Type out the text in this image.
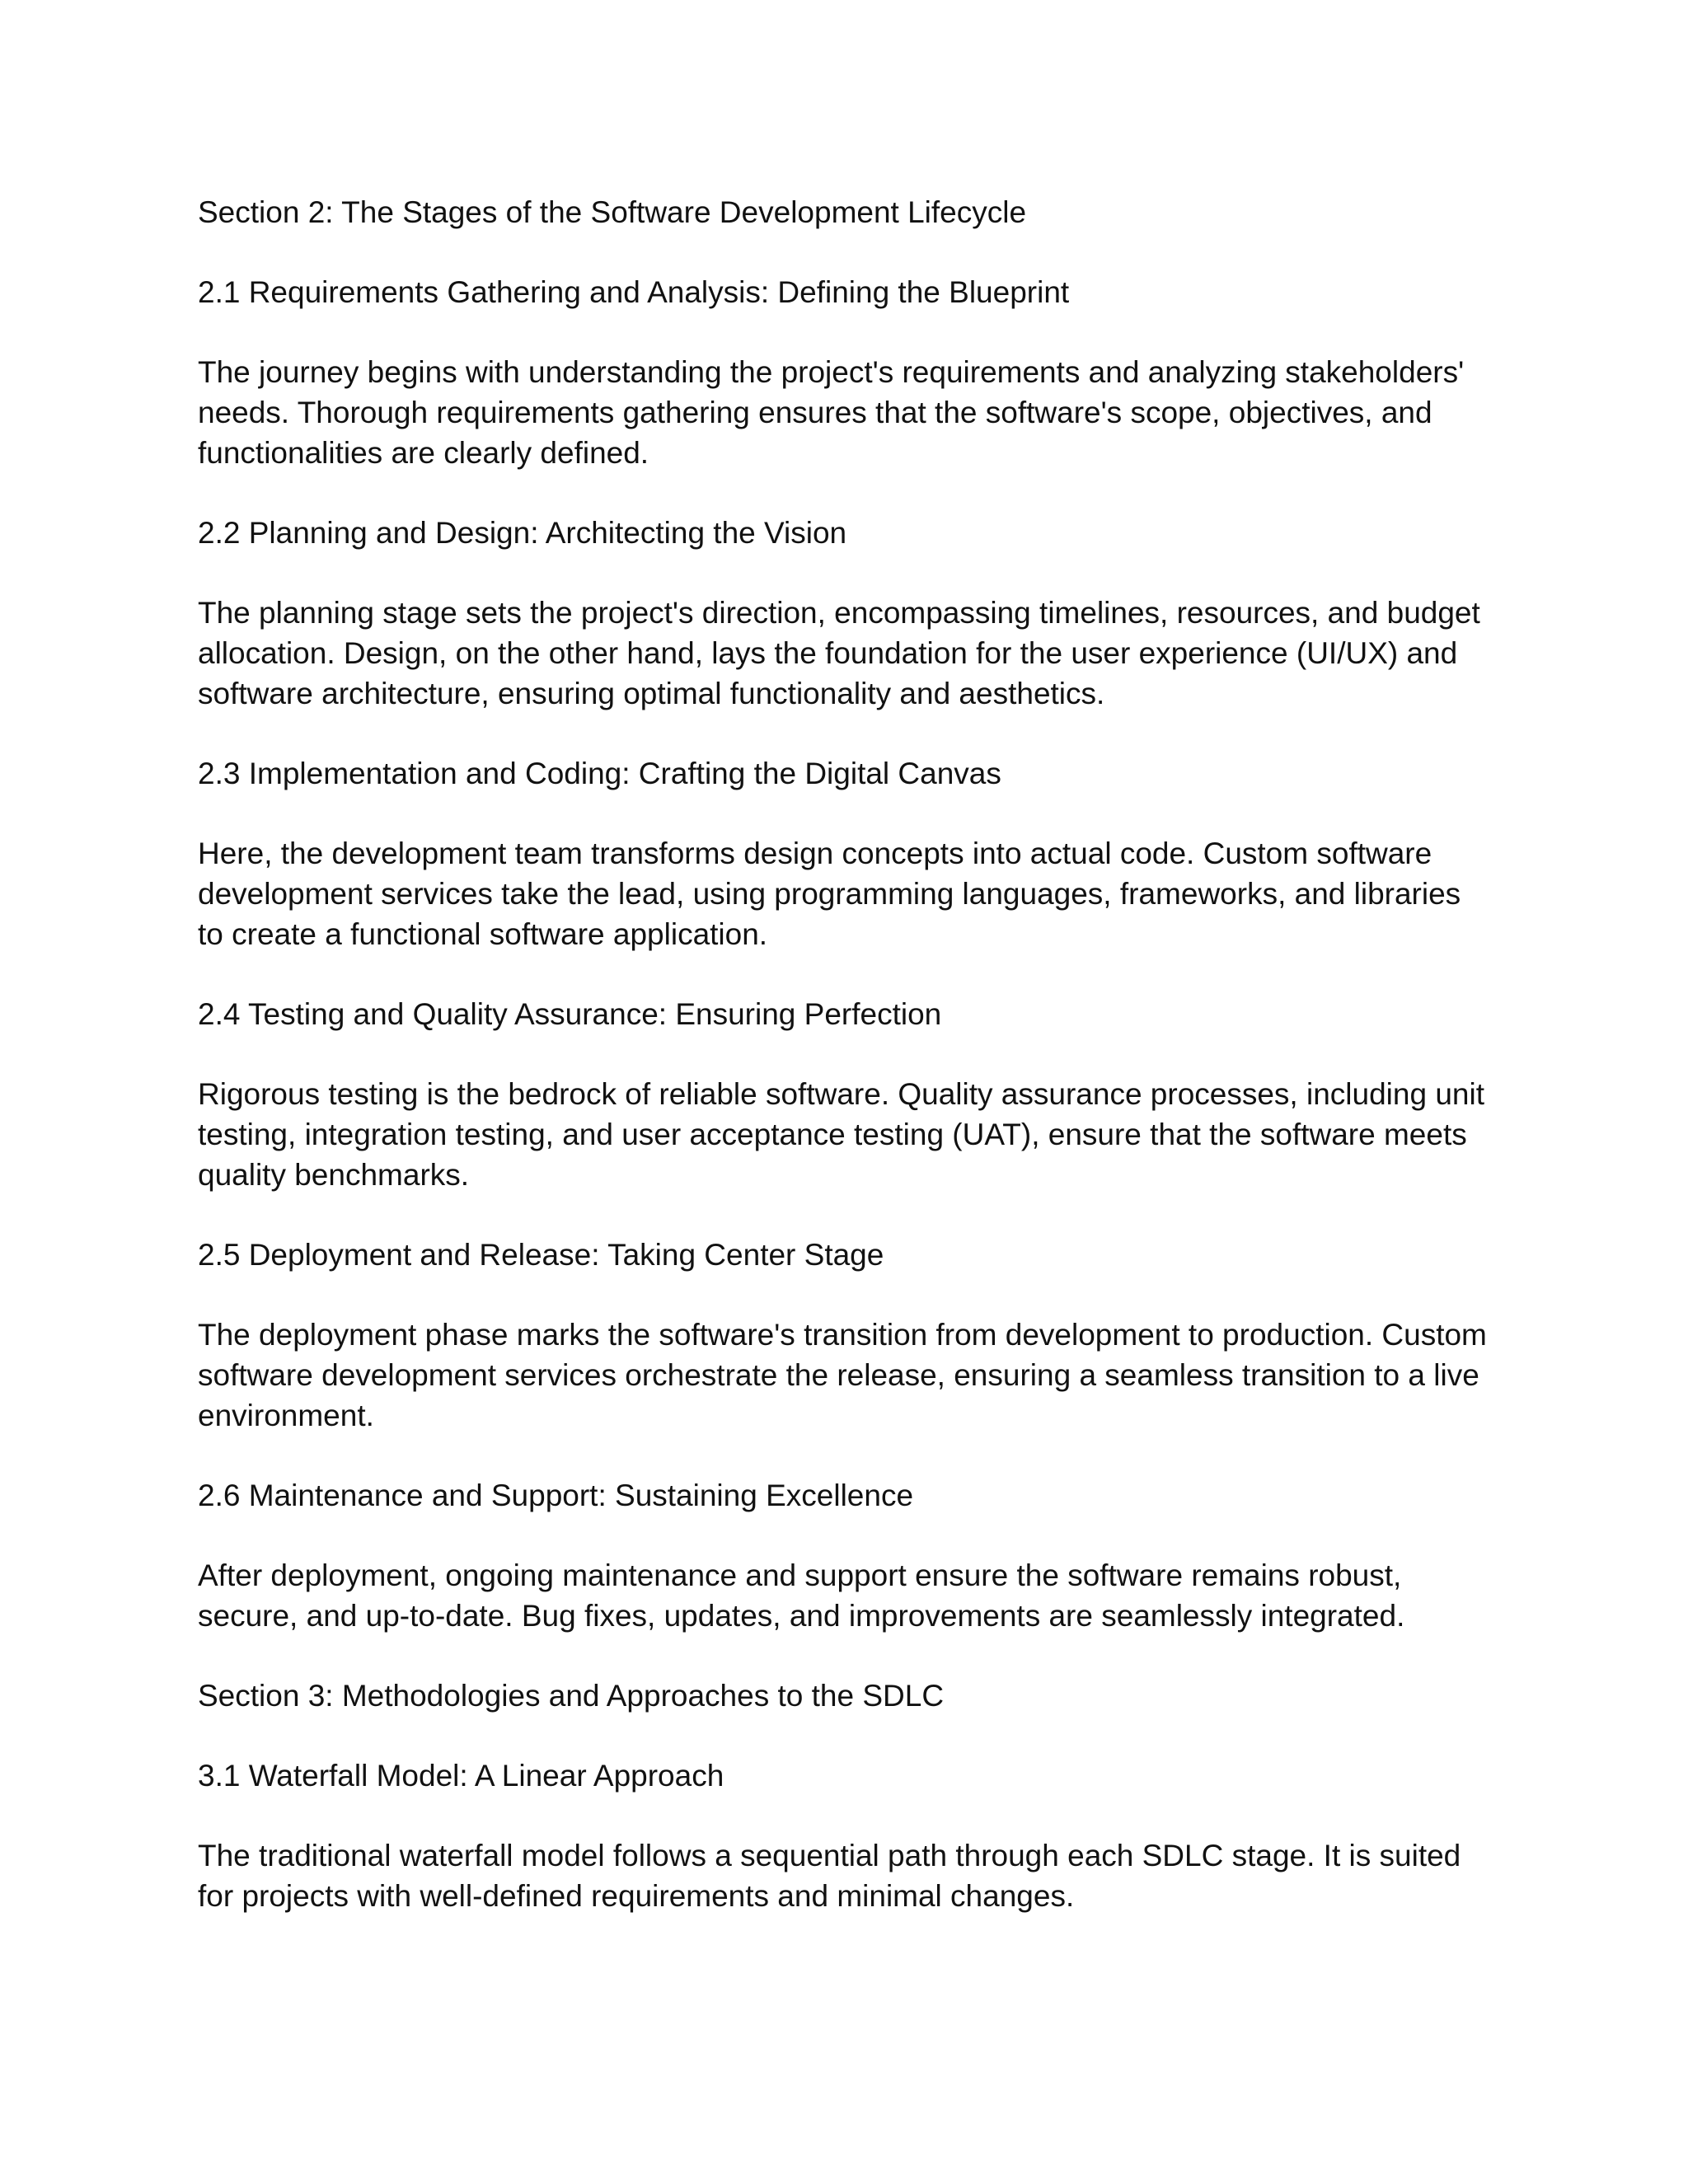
Section 2: The Stages of the Software Development Lifecycle
2.1 Requirements Gathering and Analysis: Defining the Blueprint
The journey begins with understanding the project's requirements and analyzing stakeholders' needs. Thorough requirements gathering ensures that the software's scope, objectives, and functionalities are clearly defined.
2.2 Planning and Design: Architecting the Vision
The planning stage sets the project's direction, encompassing timelines, resources, and budget allocation. Design, on the other hand, lays the foundation for the user experience (UI/UX) and software architecture, ensuring optimal functionality and aesthetics.
2.3 Implementation and Coding: Crafting the Digital Canvas
Here, the development team transforms design concepts into actual code. Custom software development services take the lead, using programming languages, frameworks, and libraries to create a functional software application.
2.4 Testing and Quality Assurance: Ensuring Perfection
Rigorous testing is the bedrock of reliable software. Quality assurance processes, including unit testing, integration testing, and user acceptance testing (UAT), ensure that the software meets quality benchmarks.
2.5 Deployment and Release: Taking Center Stage
The deployment phase marks the software's transition from development to production. Custom software development services orchestrate the release, ensuring a seamless transition to a live environment.
2.6 Maintenance and Support: Sustaining Excellence
After deployment, ongoing maintenance and support ensure the software remains robust, secure, and up-to-date. Bug fixes, updates, and improvements are seamlessly integrated.
Section 3: Methodologies and Approaches to the SDLC
3.1 Waterfall Model: A Linear Approach
The traditional waterfall model follows a sequential path through each SDLC stage. It is suited for projects with well-defined requirements and minimal changes.
